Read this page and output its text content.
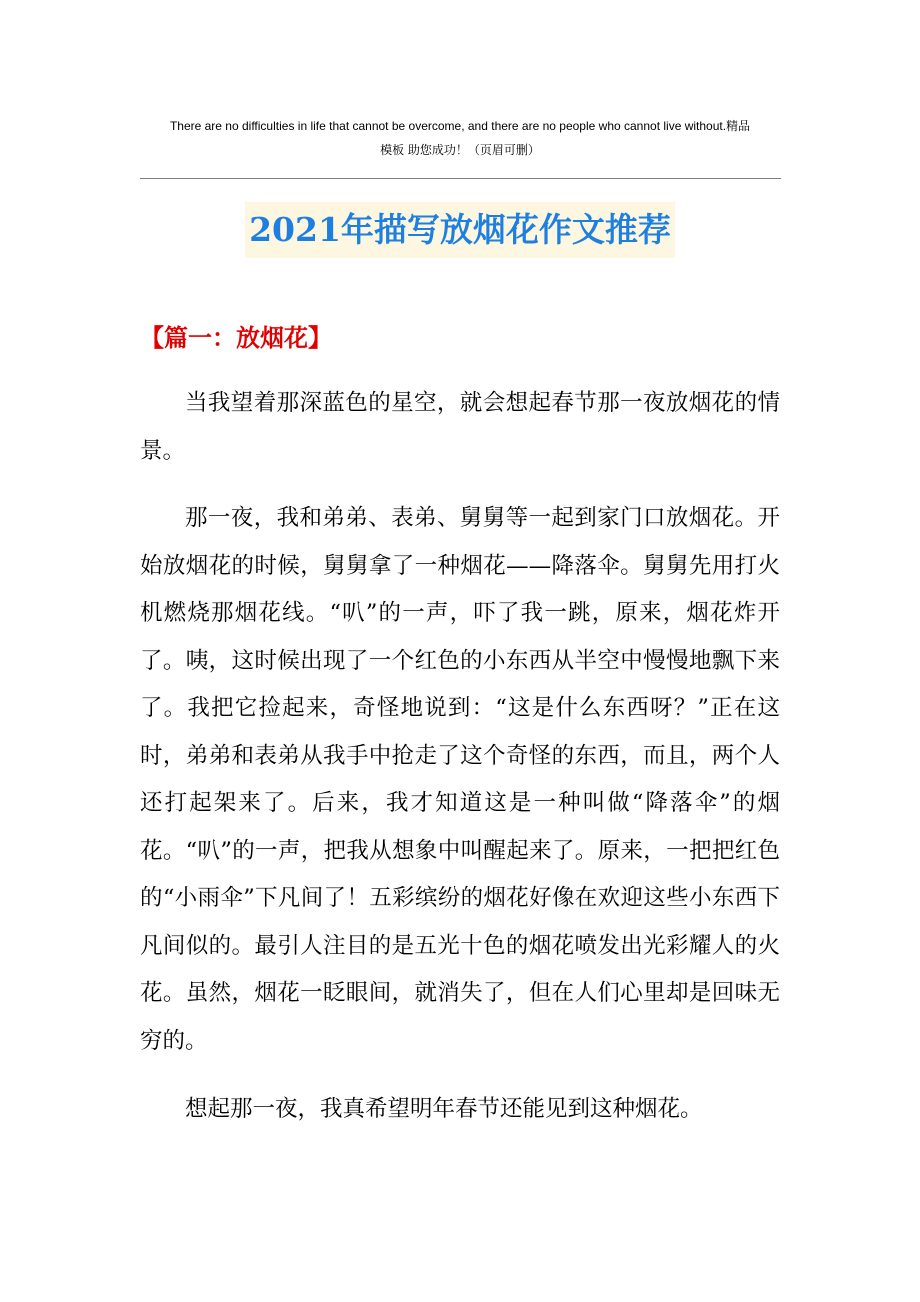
There are no difficulties in life that cannot be overcome, and there are no people who cannot live without.精品
模板 助您成功！（页眉可删）
2021年描写放烟花作文推荐
【篇一：放烟花】

当我望着那深蓝色的星空，就会想起春节那一夜放烟花的情景。

那一夜，我和弟弟、表弟、舅舅等一起到家门口放烟花。开始放烟花的时候，舅舅拿了一种烟花——降落伞。舅舅先用打火机燃烧那烟花线。“叭”的一声，吓了我一跳，原来，烟花炸开了。咦，这时候出现了一个红色的小东西从半空中慢慢地飘下来了。我把它捡起来，奇怪地说到：“这是什么东西呀？”正在这时，弟弟和表弟从我手中抢走了这个奇怪的东西，而且，两个人还打起架来了。后来，我才知道这是一种叫做“降落伞”的烟花。“叭”的一声，把我从想象中叫醒起来了。原来，一把把红色的“小雨伞”下凡间了！五彩缤纷的烟花好像在欢迎这些小东西下凡间似的。最引人注目的是五光十色的烟花喷发出光彩耀人的火花。虽然，烟花一眨眼间，就消失了，但在人们心里却是回味无穷的。

想起那一夜，我真希望明年春节还能见到这种烟花。
